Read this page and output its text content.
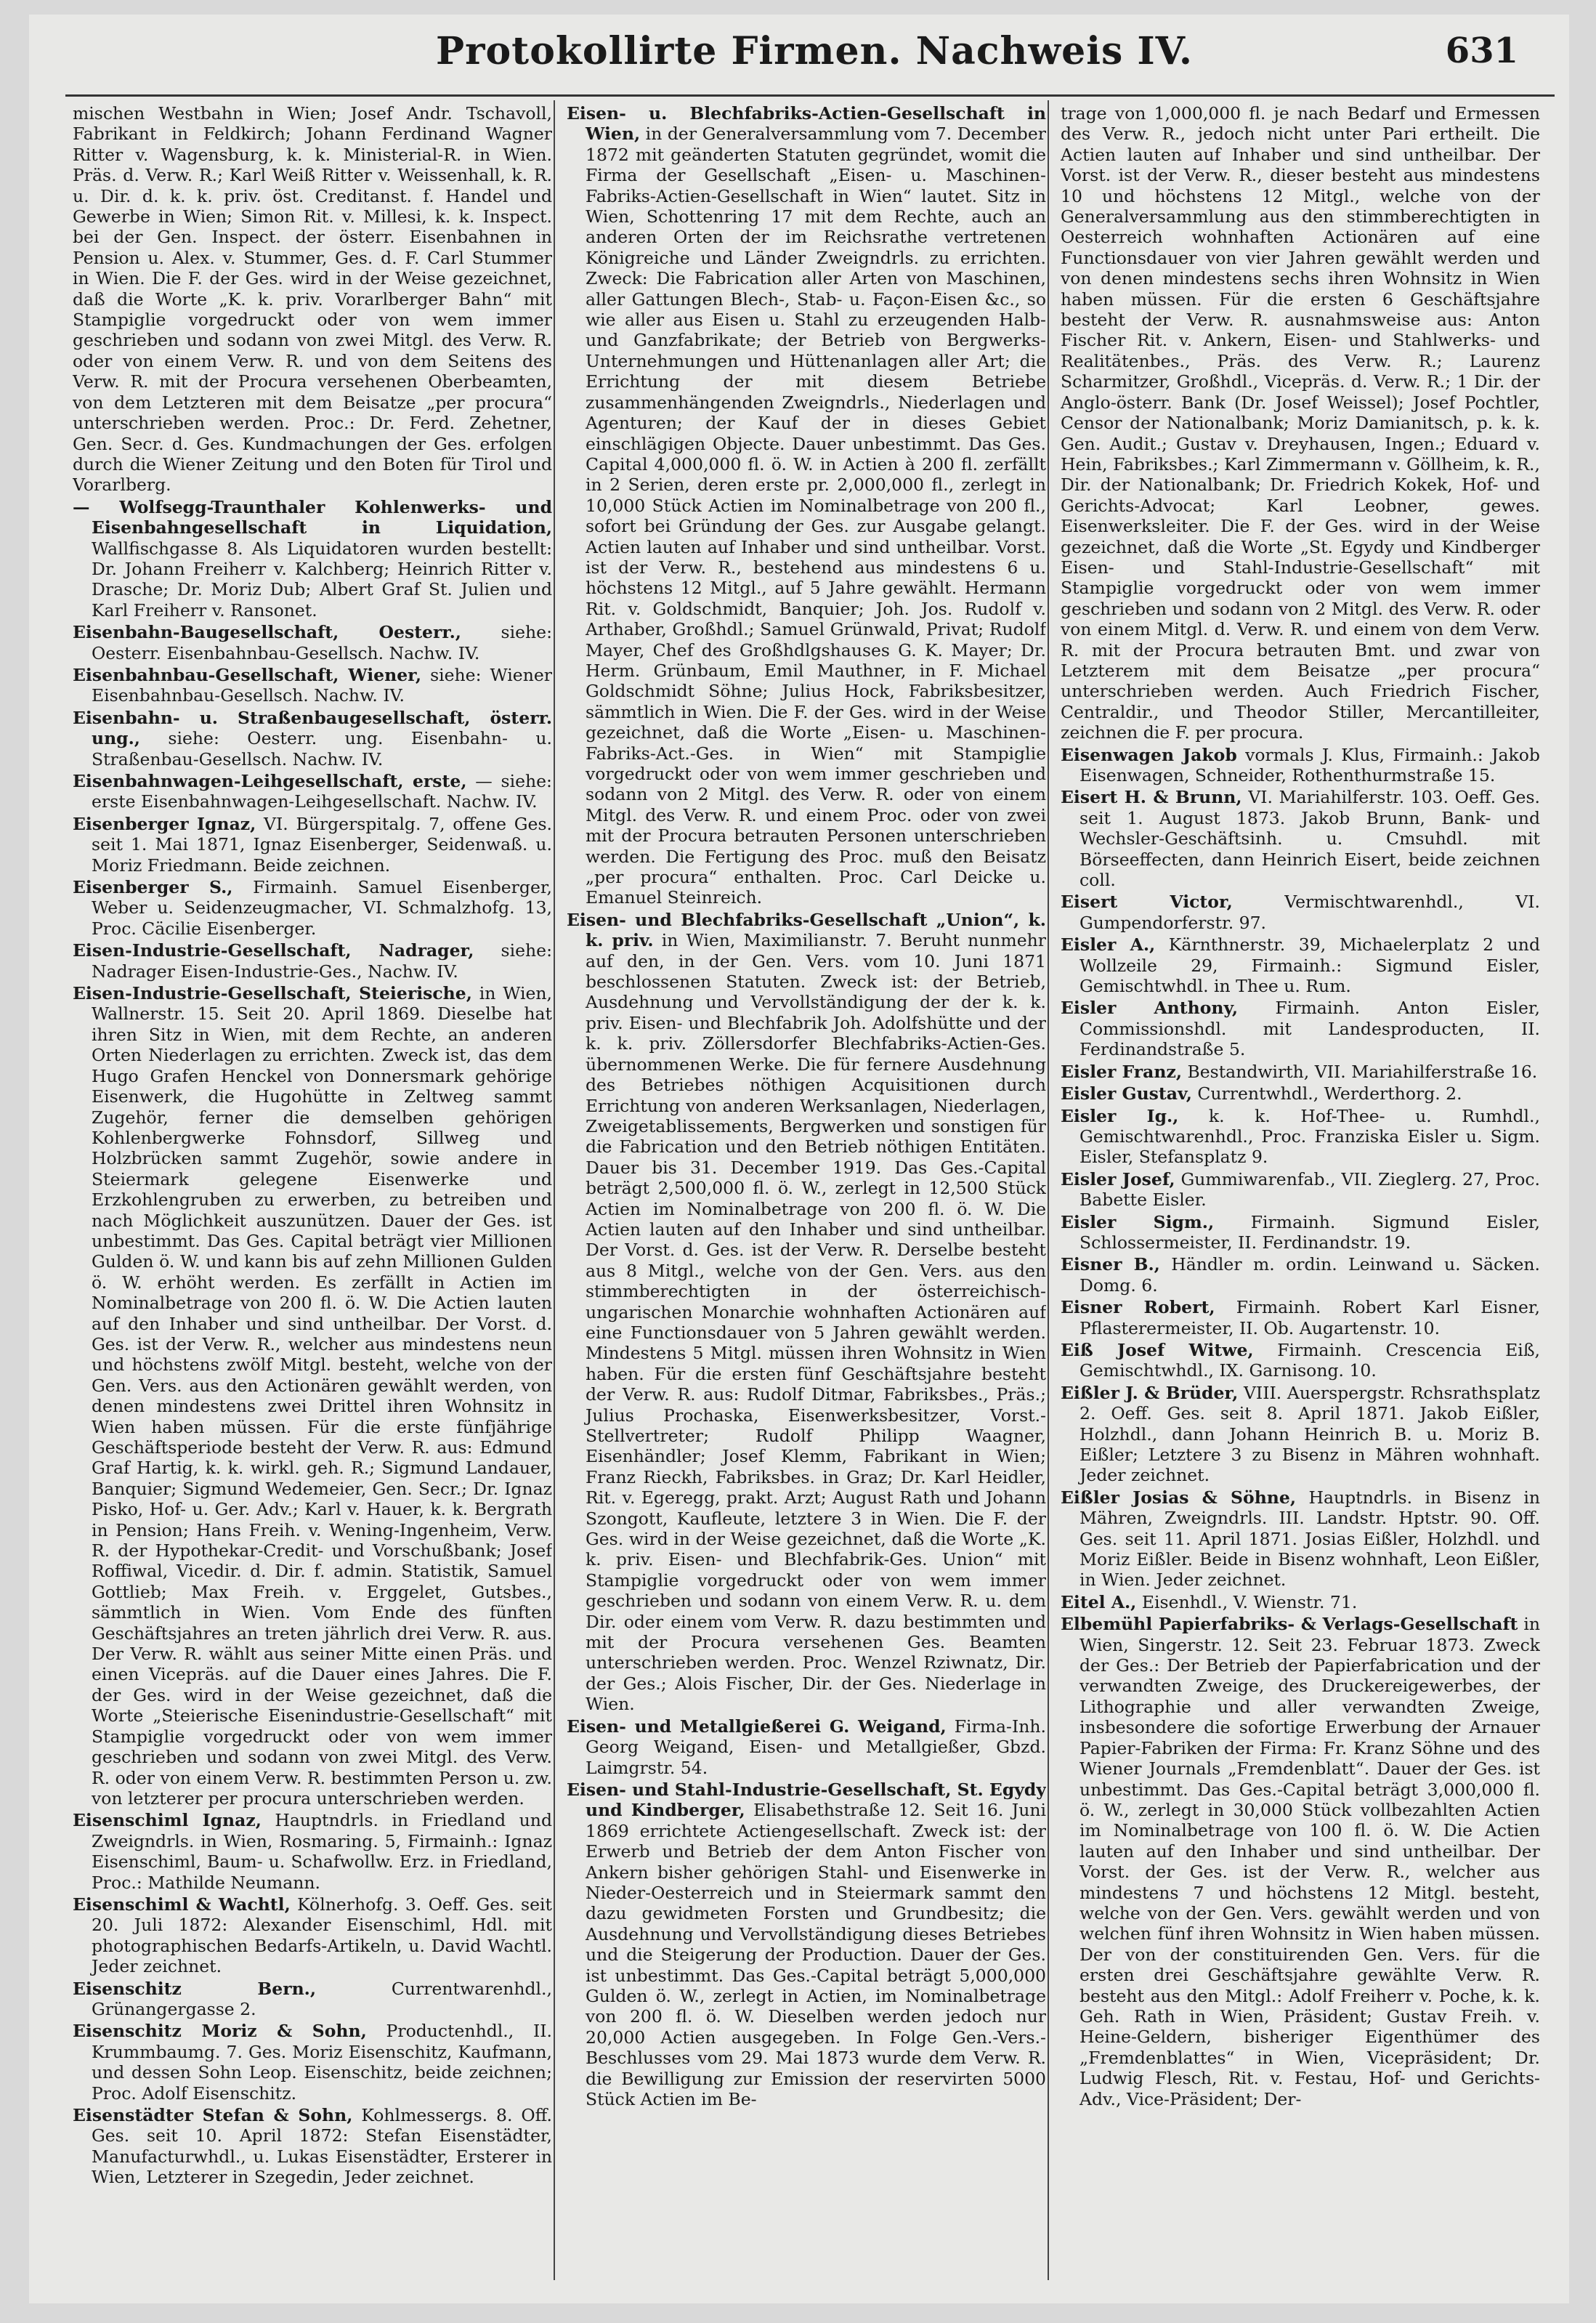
Protokollirte Firmen. Nachweis IV.	631

mischen Westbahn in Wien; Josef Andr. Tschavoll, Fabrikant in Feldkirch; Johann Ferdinand Wagner Ritter v. Wagensburg, k. k. Ministerial-R. in Wien. Präs. d. Verw. R.; Karl Weiß Ritter v. Weissenhall, k. R. u. Dir. d. k. k. priv. öst. Creditanst. f. Handel und Gewerbe in Wien; Simon Rit. v. Millesi, k. k. Inspect. bei der Gen. Inspect. der österr. Eisenbahnen in Pension u. Alex. v. Stummer, Ges. d. F. Carl Stummer in Wien. Die F. der Ges. wird in der Weise gezeichnet, daß die Worte „K. k. priv. Vorarlberger Bahn“ mit Stampiglie vorgedruckt oder von wem immer geschrieben und sodann von zwei Mitgl. des Verw. R. oder von einem Verw. R. und von dem Seitens des Verw. R. mit der Procura versehenen Oberbeamten, von dem Letzteren mit dem Beisatze „per procura“ unterschrieben werden. Proc.: Dr. Ferd. Zehetner, Gen. Secr. d. Ges. Kundmachungen der Ges. erfolgen durch die Wiener Zeitung und den Boten für Tirol und Vorarlberg.

— Wolfsegg-Traunthaler Kohlenwerks- und Eisenbahngesellschaft in Liquidation, Wallfischgasse 8. Als Liquidatoren wurden bestellt: Dr. Johann Freiherr v. Kalchberg; Heinrich Ritter v. Drasche; Dr. Moriz Dub; Albert Graf St. Julien und Karl Freiherr v. Ransonet.

Eisenbahn-Baugesellschaft, Oesterr., siehe: Oesterr. Eisenbahnbau-Gesellsch. Nachw. IV.

Eisenbahnbau-Gesellschaft, Wiener, siehe: Wiener Eisenbahnbau-Gesellsch. Nachw. IV.

Eisenbahn- u. Straßenbaugesellschaft, österr. ung., siehe: Oesterr. ung. Eisenbahn- u. Straßenbau-Gesellsch. Nachw. IV.

Eisenbahnwagen-Leihgesellschaft, erste, — siehe: erste Eisenbahnwagen-Leihgesellschaft. Nachw. IV.

Eisenberger Ignaz, VI. Bürgerspitalg. 7, offene Ges. seit 1. Mai 1871, Ignaz Eisenberger, Seidenwaß. u. Moriz Friedmann. Beide zeichnen.

Eisenberger S., Firmainh. Samuel Eisenberger, Weber u. Seidenzeugmacher, VI. Schmalzhofg. 13, Proc. Cäcilie Eisenberger.

Eisen-Industrie-Gesellschaft, Nadrager, siehe: Nadrager Eisen-Industrie-Ges., Nachw. IV.

Eisen-Industrie-Gesellschaft, Steierische, in Wien, Wallnerstr. 15. Seit 20. April 1869. Dieselbe hat ihren Sitz in Wien, mit dem Rechte, an anderen Orten Niederlagen zu errichten. Zweck ist, das dem Hugo Grafen Henckel von Donnersmark gehörige Eisenwerk, die Hugohütte in Zeltweg sammt Zugehör, ferner die demselben gehörigen Kohlenbergwerke Fohnsdorf, Sillweg und Holzbrücken sammt Zugehör, sowie andere in Steiermark gelegene Eisenwerke und Erzkohlengruben zu erwerben, zu betreiben und nach Möglichkeit auszunützen. Dauer der Ges. ist unbestimmt. Das Ges. Capital beträgt vier Millionen Gulden ö. W. und kann bis auf zehn Millionen Gulden ö. W. erhöht werden. Es zerfällt in Actien im Nominalbetrage von 200 fl. ö. W. Die Actien lauten auf den Inhaber und sind untheilbar. Der Vorst. d. Ges. ist der Verw. R., welcher aus mindestens neun und höchstens zwölf Mitgl. besteht, welche von der Gen. Vers. aus den Actionären gewählt werden, von denen mindestens zwei Drittel ihren Wohnsitz in Wien haben müssen. Für die erste fünfjährige Geschäftsperiode besteht der Verw. R. aus: Edmund Graf Hartig, k. k. wirkl. geh. R.; Sigmund Landauer, Banquier; Sigmund Wedemeier, Gen. Secr.; Dr. Ignaz Pisko, Hof- u. Ger. Adv.; Karl v. Hauer, k. k. Bergrath in Pension; Hans Freih. v. Wening-Ingenheim, Verw. R. der Hypothekar-Credit- und Vorschußbank; Josef Roffiwal, Vicedir. d. Dir. f. admin. Statistik, Samuel Gottlieb; Max Freih. v. Erggelet, Gutsbes., sämmtlich in Wien. Vom Ende des fünften Geschäftsjahres an treten jährlich drei Verw. R. aus. Der Verw. R. wählt aus seiner Mitte einen Präs. und einen Vicepräs. auf die Dauer eines Jahres. Die F. der Ges. wird in der Weise gezeichnet, daß die Worte „Steierische Eisenindustrie-Gesellschaft“ mit Stampiglie vorgedruckt oder von wem immer geschrieben und sodann von zwei Mitgl. des Verw. R. oder von einem Verw. R. bestimmten Person u. zw. von letzterer per procura unterschrieben werden.

Eisenschiml Ignaz, Hauptndrls. in Friedland und Zweigndrls. in Wien, Rosmaring. 5, Firmainh.: Ignaz Eisenschiml, Baum- u. Schafwollw. Erz. in Friedland, Proc.: Mathilde Neumann.

Eisenschiml & Wachtl, Kölnerhofg. 3. Oeff. Ges. seit 20. Juli 1872: Alexander Eisenschiml, Hdl. mit photographischen Bedarfs-Artikeln, u. David Wachtl. Jeder zeichnet.

Eisenschitz Bern.,	Currentwarenhdl., Grünangergasse 2.

Eisenschitz Moriz & Sohn, Productenhdl., II. Krummbaumg. 7. Ges. Moriz Eisenschitz, Kaufmann, und dessen Sohn Leop. Eisenschitz, beide zeichnen; Proc. Adolf Eisenschitz.

Eisenstädter Stefan & Sohn, Kohlmessergs. 8. Off. Ges. seit 10. April 1872: Stefan Eisenstädter, Manufacturwhdl., u. Lukas Eisenstädter, Ersterer in Wien, Letzterer in Szegedin, Jeder zeichnet.

Eisen- u. Blechfabriks-Actien-Gesellschaft in Wien, in der Generalversammlung vom 7. December 1872 mit geänderten Statuten gegründet, womit die Firma der Gesellschaft „Eisen- u. Maschinen-Fabriks-Actien-Gesellschaft in Wien“ lautet. Sitz in Wien, Schottenring 17 mit dem Rechte, auch an anderen Orten der im Reichsrathe vertretenen Königreiche und Länder Zweigndrls. zu errichten. Zweck: Die Fabrication aller Arten von Maschinen, aller Gattungen Blech-, Stab- u. Façon-Eisen &c., so wie aller aus Eisen u. Stahl zu erzeugenden Halb- und Ganzfabrikate; der Betrieb von Bergwerks-Unternehmungen und Hüttenanlagen aller Art; die Errichtung der mit diesem Betriebe zusammenhängenden Zweigndrls., Niederlagen und Agenturen; der Kauf der in dieses Gebiet einschlägigen Objecte. Dauer unbestimmt. Das Ges. Capital 4,000,000 fl. ö. W. in Actien à 200 fl. zerfällt in 2 Serien, deren erste pr. 2,000,000 fl., zerlegt in 10,000 Stück Actien im Nominalbetrage von 200 fl., sofort bei Gründung der Ges. zur Ausgabe gelangt. Actien lauten auf Inhaber und sind untheilbar. Vorst. ist der Verw. R., bestehend aus mindestens 6 u. höchstens 12 Mitgl., auf 5 Jahre gewählt. Hermann Rit. v. Goldschmidt, Banquier; Joh. Jos. Rudolf v. Arthaber, Großhdl.; Samuel Grünwald, Privat; Rudolf Mayer, Chef des Großhdlgshauses G. K. Mayer; Dr. Herm. Grünbaum, Emil Mauthner, in F. Michael Goldschmidt Söhne; Julius Hock, Fabriksbesitzer, sämmtlich in Wien. Die F. der Ges. wird in der Weise gezeichnet, daß die Worte „Eisen- u. Maschinen-Fabriks-Act.-Ges. in Wien“ mit Stampiglie vorgedruckt oder von wem immer geschrieben und sodann von 2 Mitgl. des Verw. R. oder von einem Mitgl. des Verw. R. und einem Proc. oder von zwei mit der Procura betrauten Personen unterschrieben werden. Die Fertigung des Proc. muß den Beisatz „per procura“ enthalten. Proc. Carl Deicke u. Emanuel Steinreich.

Eisen- und Blechfabriks-Gesellschaft „Union“, k. k. priv. in Wien, Maximilianstr. 7. Beruht nunmehr auf den, in der Gen. Vers. vom 10. Juni 1871 beschlossenen Statuten. Zweck ist: der Betrieb, Ausdehnung und Vervollständigung der der k. k. priv. Eisen- und Blechfabrik Joh. Adolfshütte und der k. k. priv. Zöllersdorfer Blechfabriks-Actien-Ges. übernommenen Werke. Die für fernere Ausdehnung des Betriebes nöthigen Acquisitionen durch Errichtung von anderen Werksanlagen, Niederlagen, Zweigetablissements, Bergwerken und sonstigen für die Fabrication und den Betrieb nöthigen Entitäten. Dauer bis 31. December 1919. Das Ges.-Capital beträgt 2,500,000 fl. ö. W., zerlegt in 12,500 Stück Actien im Nominalbetrage von 200 fl. ö. W. Die Actien lauten auf den Inhaber und sind untheilbar. Der Vorst. d. Ges. ist der Verw. R. Derselbe besteht aus 8 Mitgl., welche von der Gen. Vers. aus den stimmberechtigten in der österreichisch-ungarischen Monarchie wohnhaften Actionären auf eine Functionsdauer von 5 Jahren gewählt werden. Mindestens 5 Mitgl. müssen ihren Wohnsitz in Wien haben. Für die ersten fünf Geschäftsjahre besteht der Verw. R. aus: Rudolf Ditmar, Fabriksbes., Präs.; Julius Prochaska, Eisenwerksbesitzer, Vorst.-Stellvertreter; Rudolf Philipp Waagner, Eisenhändler; Josef Klemm, Fabrikant in Wien; Franz Rieckh, Fabriksbes. in Graz; Dr. Karl Heidler, Rit. v. Egeregg, prakt. Arzt; August Rath und Johann Szongott, Kaufleute, letztere 3 in Wien. Die F. der Ges. wird in der Weise gezeichnet, daß die Worte „K. k. priv. Eisen- und Blechfabrik-Ges. Union“ mit Stampiglie vorgedruckt oder von wem immer geschrieben und sodann von einem Verw. R. u. dem Dir. oder einem vom Verw. R. dazu bestimmten und mit der Procura versehenen Ges. Beamten unterschrieben werden. Proc. Wenzel Rziwnatz, Dir. der Ges.; Alois Fischer, Dir. der Ges. Niederlage in Wien.

Eisen- und Metallgießerei G. Weigand, Firma-Inh. Georg Weigand, Eisen- und Metallgießer, Gbzd. Laimgrstr. 54.

Eisen- und Stahl-Industrie-Gesellschaft, St. Egydy und Kindberger, Elisabethstraße 12. Seit 16. Juni 1869 errichtete Actiengesellschaft. Zweck ist: der Erwerb und Betrieb der dem Anton Fischer von Ankern bisher gehörigen Stahl- und Eisenwerke in Nieder-Oesterreich und in Steiermark sammt den dazu gewidmeten Forsten und Grundbesitz; die Ausdehnung und Vervollständigung dieses Betriebes und die Steigerung der Production. Dauer der Ges. ist unbestimmt. Das Ges.-Capital beträgt 5,000,000 Gulden ö. W., zerlegt in Actien, im Nominalbetrage von 200 fl. ö. W. Dieselben werden jedoch nur 20,000 Actien ausgegeben. In Folge Gen.-Vers.-Beschlusses vom 29. Mai 1873 wurde dem Verw. R. die Bewilligung zur Emission der reservirten 5000 Stück Actien im Be-

trage von 1,000,000 fl. je nach Bedarf und Ermessen des Verw. R., jedoch nicht unter Pari ertheilt. Die Actien lauten auf Inhaber und sind untheilbar. Der Vorst. ist der Verw. R., dieser besteht aus mindestens 10 und höchstens 12 Mitgl., welche von der Generalversammlung aus den stimmberechtigten in Oesterreich wohnhaften Actionären auf eine Functionsdauer von vier Jahren gewählt werden und von denen mindestens sechs ihren Wohnsitz in Wien haben müssen. Für die ersten 6 Geschäftsjahre besteht der Verw. R. ausnahmsweise aus: Anton Fischer Rit. v. Ankern, Eisen- und Stahlwerks- und Realitätenbes., Präs. des Verw. R.; Laurenz Scharmitzer, Großhdl., Vicepräs. d. Verw. R.; 1 Dir. der Anglo-österr. Bank (Dr. Josef Weissel); Josef Pochtler, Censor der Nationalbank; Moriz Damianitsch, p. k. k. Gen. Audit.; Gustav v. Dreyhausen, Ingen.; Eduard v. Hein, Fabriksbes.; Karl Zimmermann v. Göllheim, k. R., Dir. der Nationalbank; Dr. Friedrich Kokek, Hof- und Gerichts-Advocat; Karl Leobner, gewes. Eisenwerksleiter. Die F. der Ges. wird in der Weise gezeichnet, daß die Worte „St. Egydy und Kindberger Eisen- und Stahl-Industrie-Gesellschaft“ mit Stampiglie vorgedruckt oder von wem immer geschrieben und sodann von 2 Mitgl. des Verw. R. oder von einem Mitgl. d. Verw. R. und einem von dem Verw. R. mit der Procura betrauten Bmt. und zwar von Letzterem mit dem Beisatze „per procura“ unterschrieben werden. Auch Friedrich Fischer, Centraldir., und Theodor Stiller, Mercantilleiter, zeichnen die F. per procura.

Eisenwagen Jakob vormals J. Klus, Firmainh.: Jakob Eisenwagen, Schneider, Rothenthurmstraße 15.

Eisert H. & Brunn, VI. Mariahilferstr. 103. Oeff. Ges. seit 1. August 1873. Jakob Brunn, Bank- und Wechsler-Geschäftsinh. u. Cmsuhdl. mit Börseeffecten, dann Heinrich Eisert, beide zeichnen coll.

Eisert Victor,	Vermischtwarenhdl., VI. Gumpendorferstr. 97.

Eisler A., Kärnthnerstr. 39, Michaelerplatz 2 und Wollzeile 29, Firmainh.: Sigmund Eisler, Gemischtwhdl. in Thee u. Rum.

Eisler Anthony, Firmainh. Anton Eisler, Commissionshdl. mit Landesproducten, II. Ferdinandstraße 5.

Eisler Franz, Bestandwirth, VII. Mariahilferstraße 16.

Eisler Gustav, Currentwhdl., Werderthorg. 2.

Eisler Ig., k. k. Hof-Thee- u. Rumhdl., Gemischtwarenhdl., Proc. Franziska Eisler u. Sigm. Eisler, Stefansplatz 9.

Eisler Josef, Gummiwarenfab., VII. Zieglerg. 27, Proc. Babette Eisler.

Eisler Sigm., Firmainh. Sigmund Eisler, Schlossermeister, II. Ferdinandstr. 19.

Eisner B., Händler m. ordin. Leinwand u. Säcken. Domg. 6.

Eisner Robert, Firmainh. Robert Karl Eisner, Pflasterermeister, II. Ob. Augartenstr. 10.

Eiß Josef Witwe, Firmainh. Crescencia Eiß, Gemischtwhdl., IX. Garnisong. 10.

Eißler J. & Brüder, VIII. Auerspergstr. Rchsrathsplatz 2. Oeff. Ges. seit 8. April 1871. Jakob Eißler, Holzhdl., dann Johann Heinrich B. u. Moriz B. Eißler; Letztere 3 zu Bisenz in Mähren wohnhaft. Jeder zeichnet.

Eißler Josias & Söhne, Hauptndrls. in Bisenz in Mähren, Zweigndrls. III. Landstr. Hptstr. 90. Off. Ges. seit 11. April 1871. Josias Eißler, Holzhdl. und Moriz Eißler. Beide in Bisenz wohnhaft, Leon Eißler, in Wien. Jeder zeichnet.

Eitel A., Eisenhdl., V. Wienstr. 71.

Elbemühl Papierfabriks- & Verlags-Gesellschaft in Wien, Singerstr. 12. Seit 23. Februar 1873. Zweck der Ges.: Der Betrieb der Papierfabrication und der verwandten Zweige, des Druckereigewerbes, der Lithographie und aller verwandten Zweige, insbesondere die sofortige Erwerbung der Arnauer Papier-Fabriken der Firma: Fr. Kranz Söhne und des Wiener Journals „Fremdenblatt“. Dauer der Ges. ist unbestimmt. Das Ges.-Capital beträgt 3,000,000 fl. ö. W., zerlegt in 30,000 Stück vollbezahlten Actien im Nominalbetrage von 100 fl. ö. W. Die Actien lauten auf den Inhaber und sind untheilbar. Der Vorst. der Ges. ist der Verw. R., welcher aus mindestens 7 und höchstens 12 Mitgl. besteht, welche von der Gen. Vers. gewählt werden und von welchen fünf ihren Wohnsitz in Wien haben müssen. Der von der constituirenden Gen. Vers. für die ersten drei Geschäftsjahre gewählte Verw. R. besteht aus den Mitgl.: Adolf Freiherr v. Poche, k. k. Geh. Rath in Wien, Präsident; Gustav Freih. v. Heine-Geldern, bisheriger Eigenthümer des „Fremdenblattes“ in Wien, Vicepräsident; Dr. Ludwig Flesch, Rit. v. Festau, Hof- und Gerichts-Adv., Vice-Präsident; Der-
